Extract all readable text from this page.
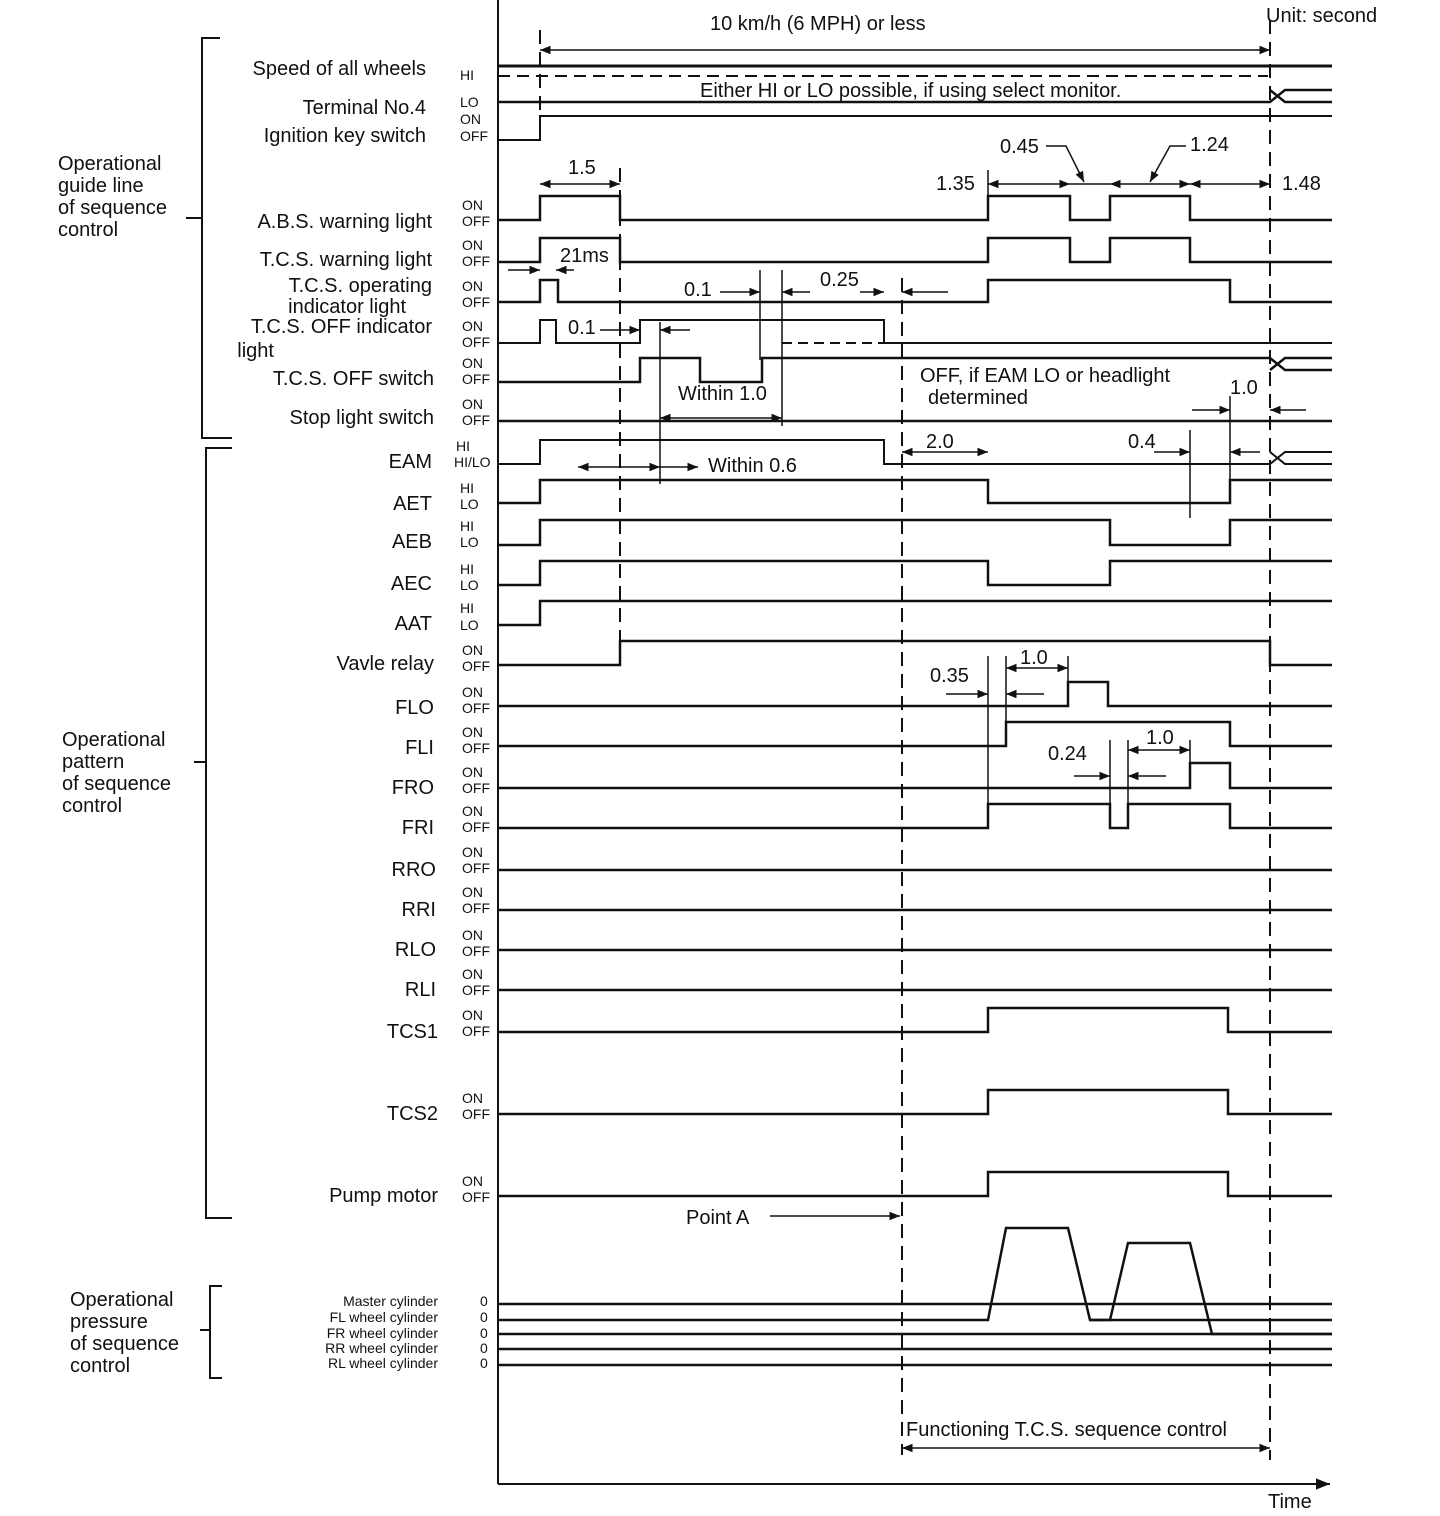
Unit: second
10 km/h (6 MPH) or less
Either HI or LO possible, if using select monitor.
Operational
guide line
of sequence
control
Operational
pattern
of sequence
control
Operational
pressure
of sequence
control
Speed of all wheels
Terminal No.4
Ignition key switch
A.B.S. warning light
T.C.S. warning light
T.C.S. operating
indicator light
T.C.S. OFF indicator
light
T.C.S. OFF switch
Stop light switch
EAM
AET
AEB
AEC
AAT
Vavle relay
FLO
FLI
FRO
FRI
RRO
RRI
RLO
RLI
TCS1
TCS2
Pump motor
HI
LO
ON
OFF
ON
OFF
ON
OFF
ON
OFF
ON
OFF
ON
OFF
ON
OFF
HI
HI/LO
HI
LO
HI
LO
HI
LO
HI
LO
ON
OFF
ON
OFF
ON
OFF
ON
OFF
ON
OFF
ON
OFF
ON
OFF
ON
OFF
ON
OFF
ON
OFF
ON
OFF
ON
OFF
Master cylinder
FL wheel cylinder
FR wheel cylinder
RR wheel cylinder
RL wheel cylinder
0
0
0
0
0
Time
1.5
21ms
0.1	0.25
0.1
Within 1.0
Within 0.6
0.45	1.24
1.35	1.48
2.0	0.4
1.0
0.35
1.0
0.24
1.0
OFF, if EAM LO or headlight
determined
Point A
Functioning T.C.S. sequence control
